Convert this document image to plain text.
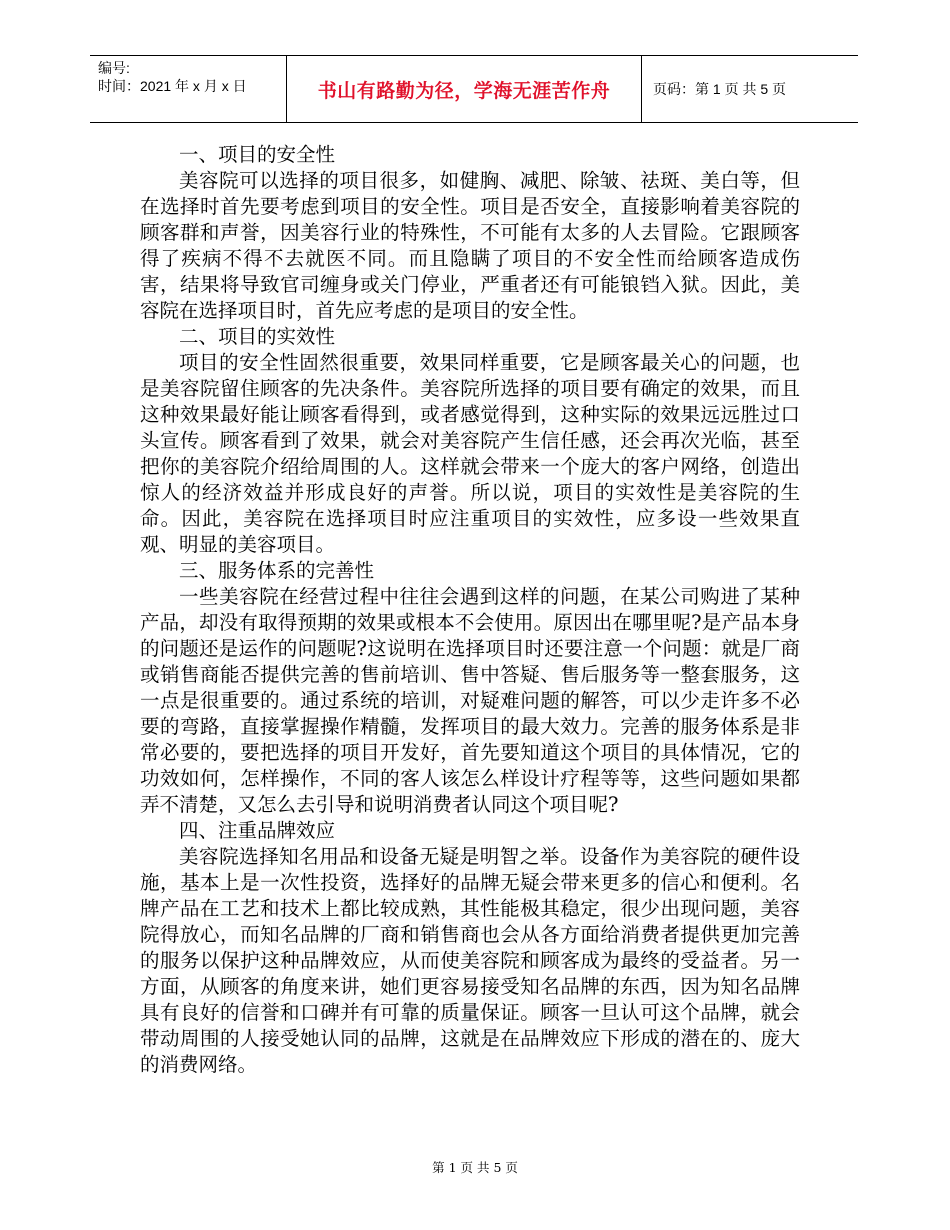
编号:
时间：2021 年 x 月 x 日	书山有路勤为径，学海无涯苦作舟	页码：第 1 页 共 5 页

一、项目的安全性

美容院可以选择的项目很多，如健胸、减肥、除皱、祛斑、美白等，但在选择时首先要考虑到项目的安全性。项目是否安全，直接影响着美容院的顾客群和声誉，因美容行业的特殊性，不可能有太多的人去冒险。它跟顾客得了疾病不得不去就医不同。而且隐瞒了项目的不安全性而给顾客造成伤害，结果将导致官司缠身或关门停业，严重者还有可能锒铛入狱。因此，美容院在选择项目时，首先应考虑的是项目的安全性。

二、项目的实效性

项目的安全性固然很重要，效果同样重要，它是顾客最关心的问题，也是美容院留住顾客的先决条件。美容院所选择的项目要有确定的效果，而且这种效果最好能让顾客看得到，或者感觉得到，这种实际的效果远远胜过口头宣传。顾客看到了效果，就会对美容院产生信任感，还会再次光临，甚至把你的美容院介绍给周围的人。这样就会带来一个庞大的客户网络，创造出惊人的经济效益并形成良好的声誉。所以说，项目的实效性是美容院的生命。因此，美容院在选择项目时应注重项目的实效性，应多设一些效果直观、明显的美容项目。

三、服务体系的完善性

一些美容院在经营过程中往往会遇到这样的问题，在某公司购进了某种产品，却没有取得预期的效果或根本不会使用。原因出在哪里呢?是产品本身的问题还是运作的问题呢?这说明在选择项目时还要注意一个问题：就是厂商或销售商能否提供完善的售前培训、售中答疑、售后服务等一整套服务，这一点是很重要的。通过系统的培训，对疑难问题的解答，可以少走许多不必要的弯路，直接掌握操作精髓，发挥项目的最大效力。完善的服务体系是非常必要的，要把选择的项目开发好，首先要知道这个项目的具体情况，它的功效如何，怎样操作，不同的客人该怎么样设计疗程等等，这些问题如果都弄不清楚，又怎么去引导和说明消费者认同这个项目呢?

四、注重品牌效应

美容院选择知名用品和设备无疑是明智之举。设备作为美容院的硬件设施，基本上是一次性投资，选择好的品牌无疑会带来更多的信心和便利。名牌产品在工艺和技术上都比较成熟，其性能极其稳定，很少出现问题，美容院得放心，而知名品牌的厂商和销售商也会从各方面给消费者提供更加完善的服务以保护这种品牌效应，从而使美容院和顾客成为最终的受益者。另一方面，从顾客的角度来讲，她们更容易接受知名品牌的东西，因为知名品牌具有良好的信誉和口碑并有可靠的质量保证。顾客一旦认可这个品牌，就会带动周围的人接受她认同的品牌，这就是在品牌效应下形成的潜在的、庞大的消费网络。

第 1 页 共 5 页
